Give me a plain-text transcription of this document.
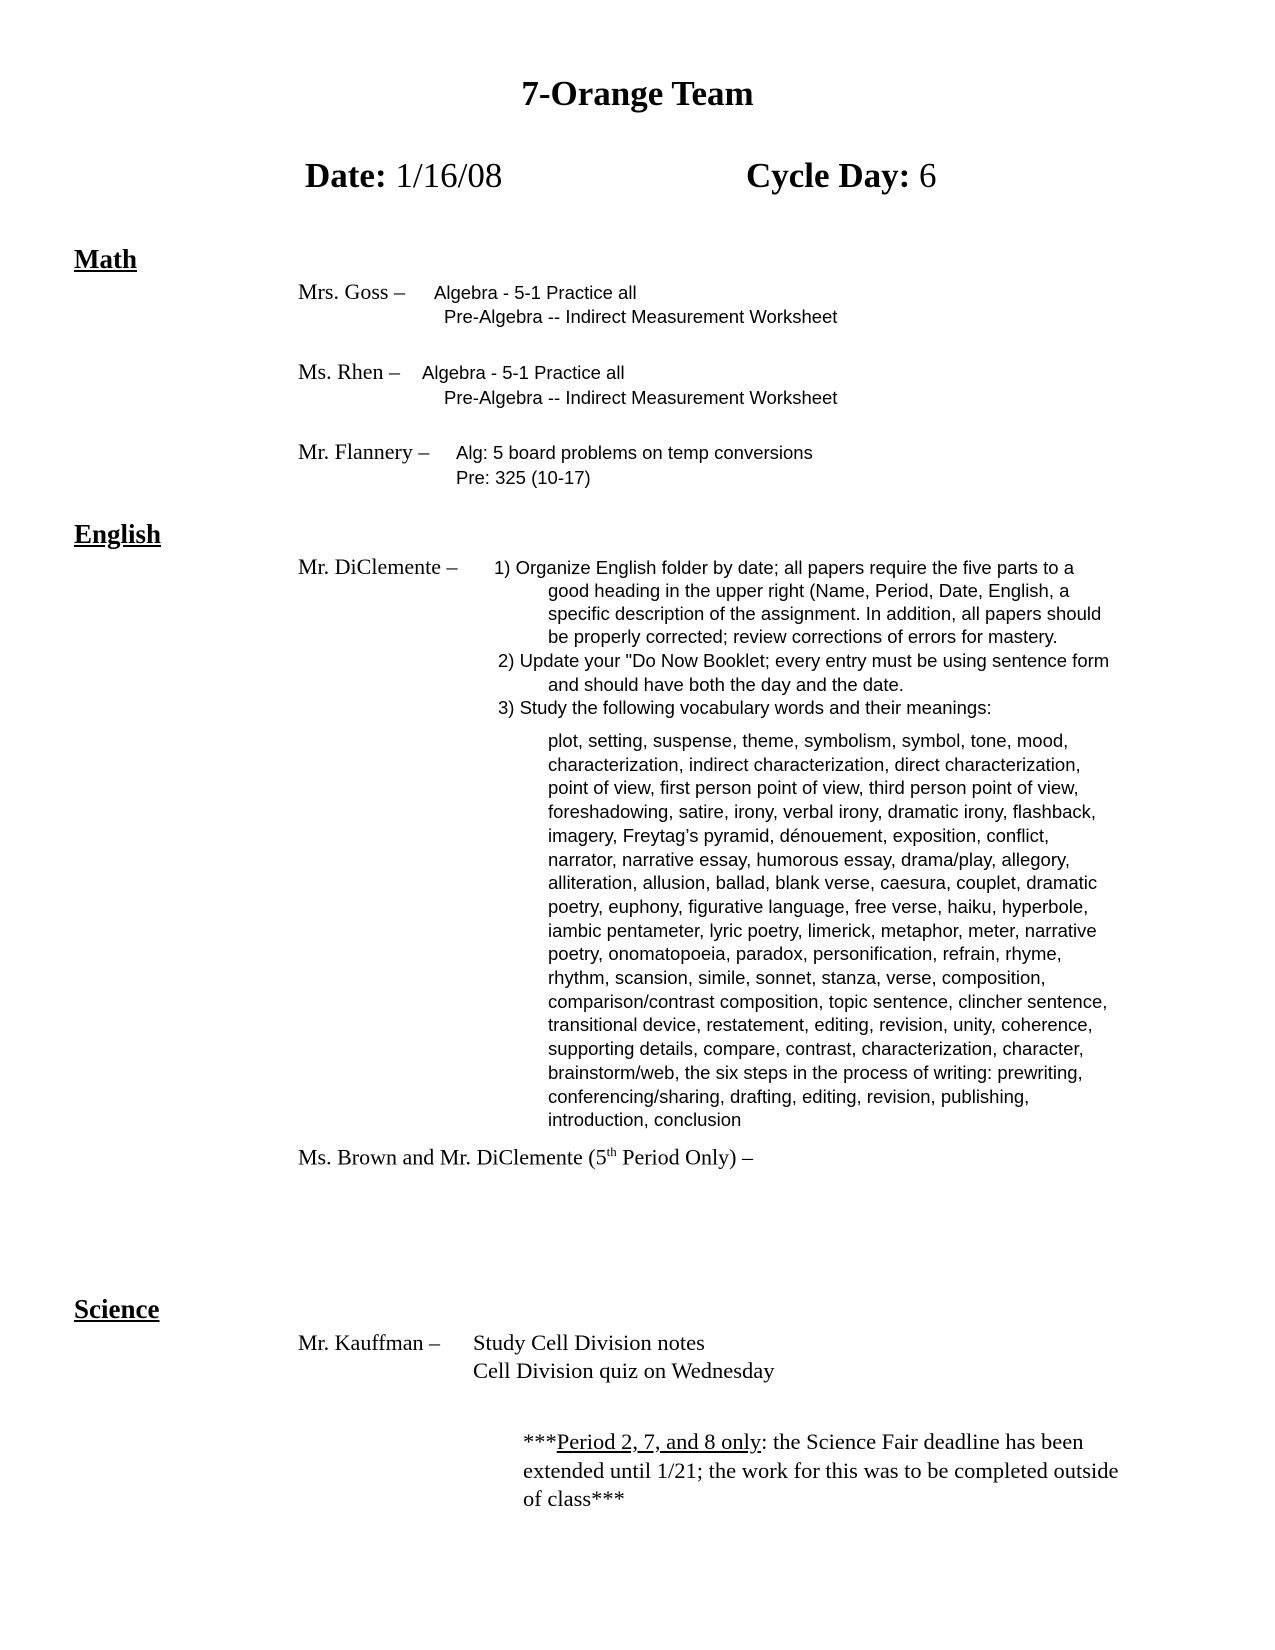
7-Orange Team
Date: 1/16/08	Cycle Day: 6
Math
Mrs. Goss – Algebra - 5-1 Practice all
Pre-Algebra -- Indirect Measurement Worksheet
Ms. Rhen – Algebra - 5-1 Practice all
Pre-Algebra -- Indirect Measurement Worksheet
Mr. Flannery – Alg: 5 board problems on temp conversions
Pre: 325 (10-17)
English
Mr. DiClemente – 1) Organize English folder by date; all papers require the five parts to a
good heading in the upper right (Name, Period, Date, English, a
specific description of the assignment. In addition, all papers should
be properly corrected; review corrections of errors for mastery.
2) Update your "Do Now Booklet; every entry must be using sentence form
and should have both the day and the date.
3) Study the following vocabulary words and their meanings:
plot, setting, suspense, theme, symbolism, symbol, tone, mood,
characterization, indirect characterization, direct characterization,
point of view, first person point of view, third person point of view,
foreshadowing, satire, irony, verbal irony, dramatic irony, flashback,
imagery, Freytag’s pyramid, dénouement, exposition, conflict,
narrator, narrative essay, humorous essay, drama/play, allegory,
alliteration, allusion, ballad, blank verse, caesura, couplet, dramatic
poetry, euphony, figurative language, free verse, haiku, hyperbole,
iambic pentameter, lyric poetry, limerick, metaphor, meter, narrative
poetry, onomatopoeia, paradox, personification, refrain, rhyme,
rhythm, scansion, simile, sonnet, stanza, verse, composition,
comparison/contrast composition, topic sentence, clincher sentence,
transitional device, restatement, editing, revision, unity, coherence,
supporting details, compare, contrast, characterization, character,
brainstorm/web, the six steps in the process of writing: prewriting,
conferencing/sharing, drafting, editing, revision, publishing,
introduction, conclusion
Ms. Brown and Mr. DiClemente (5th Period Only) –
Science
Mr. Kauffman – Study Cell Division notes
Cell Division quiz on Wednesday
***Period 2, 7, and 8 only: the Science Fair deadline has been
extended until 1/21; the work for this was to be completed outside
of class***
